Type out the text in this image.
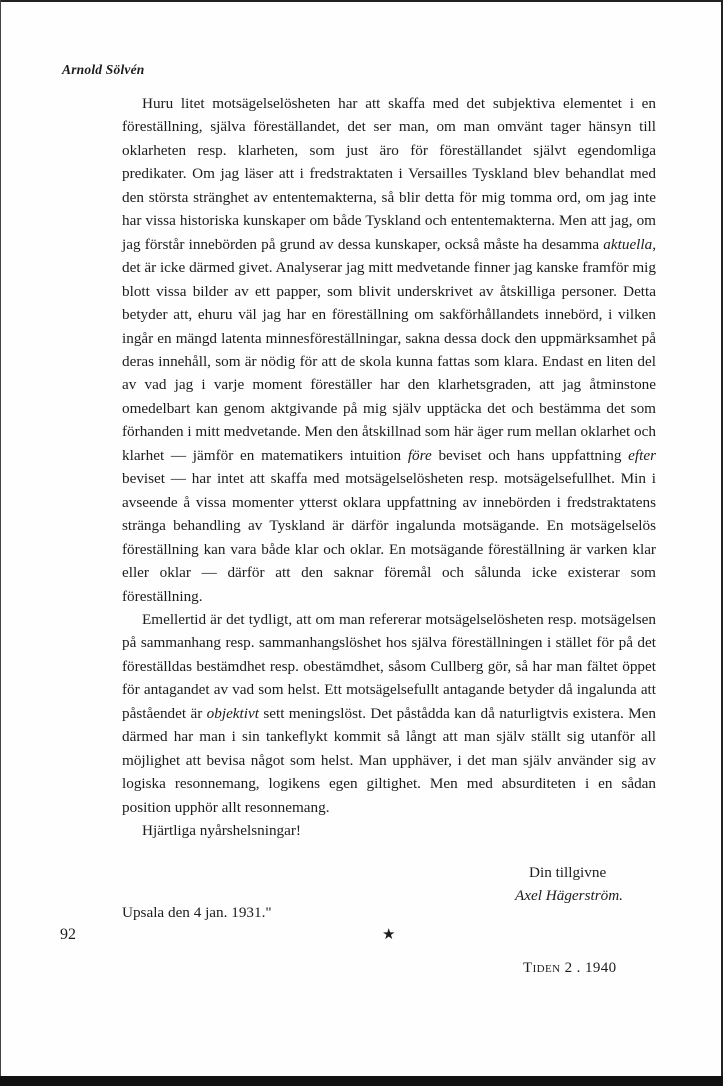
Arnold Sölvén

Huru litet motsägelselösheten har att skaffa med det subjektiva elementet i en föreställning, själva föreställandet, det ser man, om man omvänt tager hänsyn till oklarheten resp. klarheten, som just äro för föreställandet självt egendomliga predikater. Om jag läser att i fredstraktaten i Versailles Tyskland blev behandlat med den största stränghet av ententemakterna, så blir detta för mig tomma ord, om jag inte har vissa historiska kunskaper om både Tyskland och ententemakterna. Men att jag, om jag förstår innebörden på grund av dessa kunskaper, också måste ha desamma aktuella, det är icke därmed givet. Analyserar jag mitt medvetande finner jag kanske framför mig blott vissa bilder av ett papper, som blivit underskrivet av åtskilliga personer. Detta betyder att, ehuru väl jag har en föreställning om sakförhållandets innebörd, i vilken ingår en mängd latenta minnesföreställningar, sakna dessa dock den uppmärksamhet på deras innehåll, som är nödig för att de skola kunna fattas som klara. Endast en liten del av vad jag i varje moment föreställer har den klarhetsgraden, att jag åtminstone omedelbart kan genom aktgivande på mig själv upptäcka det och bestämma det som förhanden i mitt medvetande. Men den åtskillnad som här äger rum mellan oklarhet och klarhet — jämför en matematikers intuition före beviset och hans uppfattning efter beviset — har intet att skaffa med motsägelselösheten resp. motsägelsefullhet. Min i avseende å vissa momenter ytterst oklara uppfattning av innebörden i fredstraktatens stränga behandling av Tyskland är därför ingalunda motsägande. En motsägelselös föreställning kan vara både klar och oklar. En motsägande föreställning är varken klar eller oklar — därför att den saknar föremål och sålunda icke existerar som föreställning.

Emellertid är det tydligt, att om man refererar motsägelselösheten resp. motsägelsen på sammanhang resp. sammanhangslöshet hos själva föreställningen i stället för på det föreställdas bestämdhet resp. obestämdhet, såsom Cullberg gör, så har man fältet öppet för antagandet av vad som helst. Ett motsägelsefullt antagande betyder då ingalunda att påståendet är objektivt sett meningslöst. Det påstådda kan då naturligtvis existera. Men därmed har man i sin tankeflykt kommit så långt att man själv ställt sig utanför all möjlighet att bevisa något som helst. Man upphäver, i det man själv använder sig av logiska resonnemang, logikens egen giltighet. Men med absurditeten i en sådan position upphör allt resonnemang.

Hjärtliga nyårshelsningar!

Din tillgivne
Axel Hägerström.
Upsala den 4 jan. 1931."
92	★
Tiden 2 . 1940
